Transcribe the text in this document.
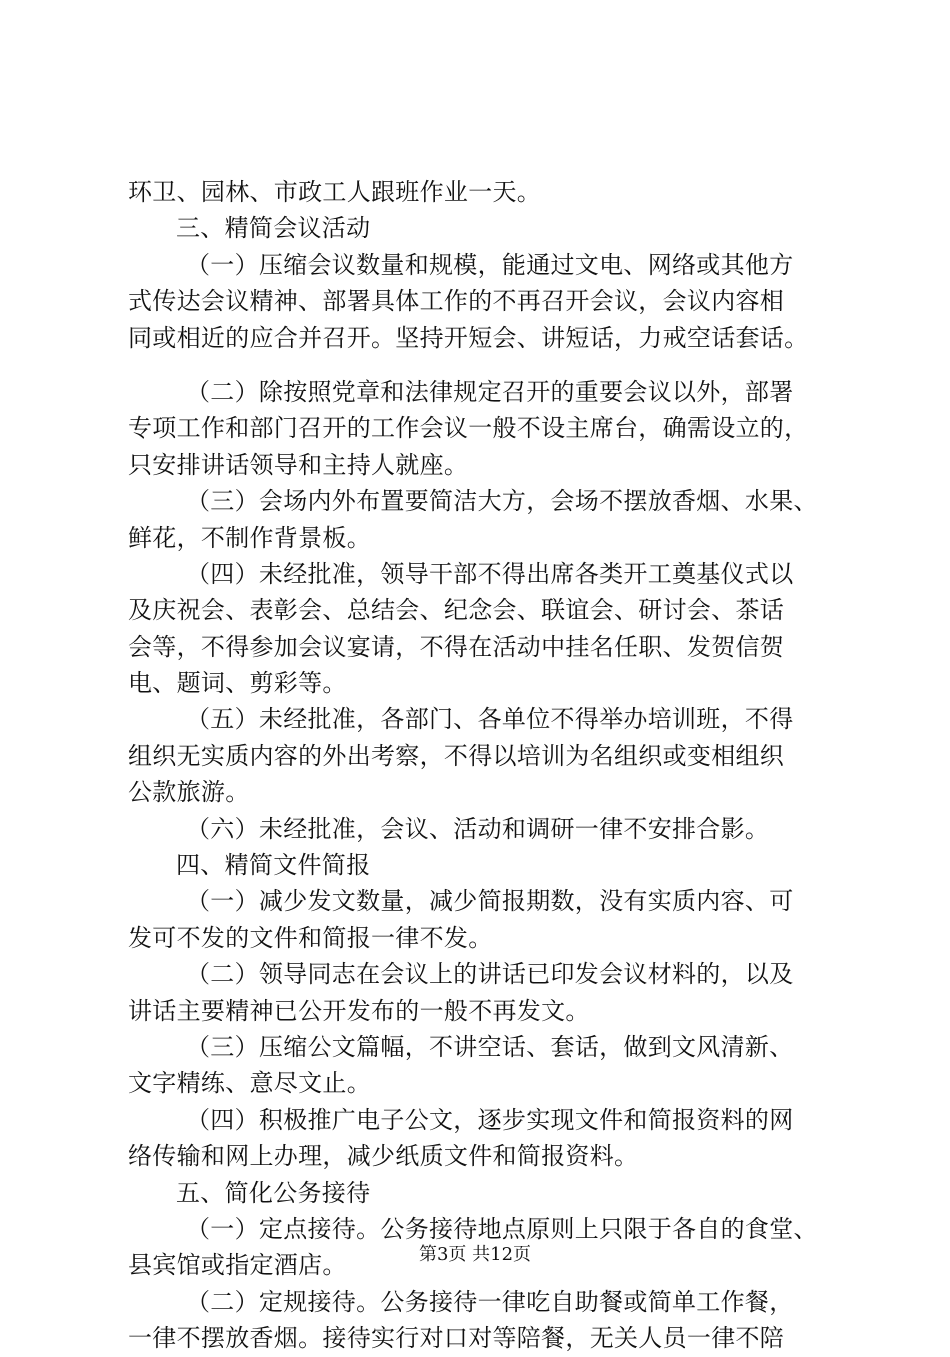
环卫、园林、市政工人跟班作业一天。
三、精简会议活动
（一）压缩会议数量和规模，能通过文电、网络或其他方
式传达会议精神、部署具体工作的不再召开会议，会议内容相
同或相近的应合并召开。坚持开短会、讲短话，力戒空话套话。
（二）除按照党章和法律规定召开的重要会议以外，部署
专项工作和部门召开的工作会议一般不设主席台，确需设立的，
只安排讲话领导和主持人就座。
（三）会场内外布置要简洁大方，会场不摆放香烟、水果、
鲜花，不制作背景板。
（四）未经批准，领导干部不得出席各类开工奠基仪式以
及庆祝会、表彰会、总结会、纪念会、联谊会、研讨会、茶话
会等，不得参加会议宴请，不得在活动中挂名任职、发贺信贺
电、题词、剪彩等。
（五）未经批准，各部门、各单位不得举办培训班，不得
组织无实质内容的外出考察，不得以培训为名组织或变相组织
公款旅游。
（六）未经批准，会议、活动和调研一律不安排合影。
四、精简文件简报
（一）减少发文数量，减少简报期数，没有实质内容、可
发可不发的文件和简报一律不发。
（二）领导同志在会议上的讲话已印发会议材料的，以及
讲话主要精神已公开发布的一般不再发文。
（三）压缩公文篇幅，不讲空话、套话，做到文风清新、
文字精练、意尽文止。
（四）积极推广电子公文，逐步实现文件和简报资料的网
络传输和网上办理，减少纸质文件和简报资料。
五、简化公务接待
（一）定点接待。公务接待地点原则上只限于各自的食堂、
县宾馆或指定酒店。
（二）定规接待。公务接待一律吃自助餐或简单工作餐，
一律不摆放香烟。接待实行对口对等陪餐，无关人员一律不陪
第3页 共12页
